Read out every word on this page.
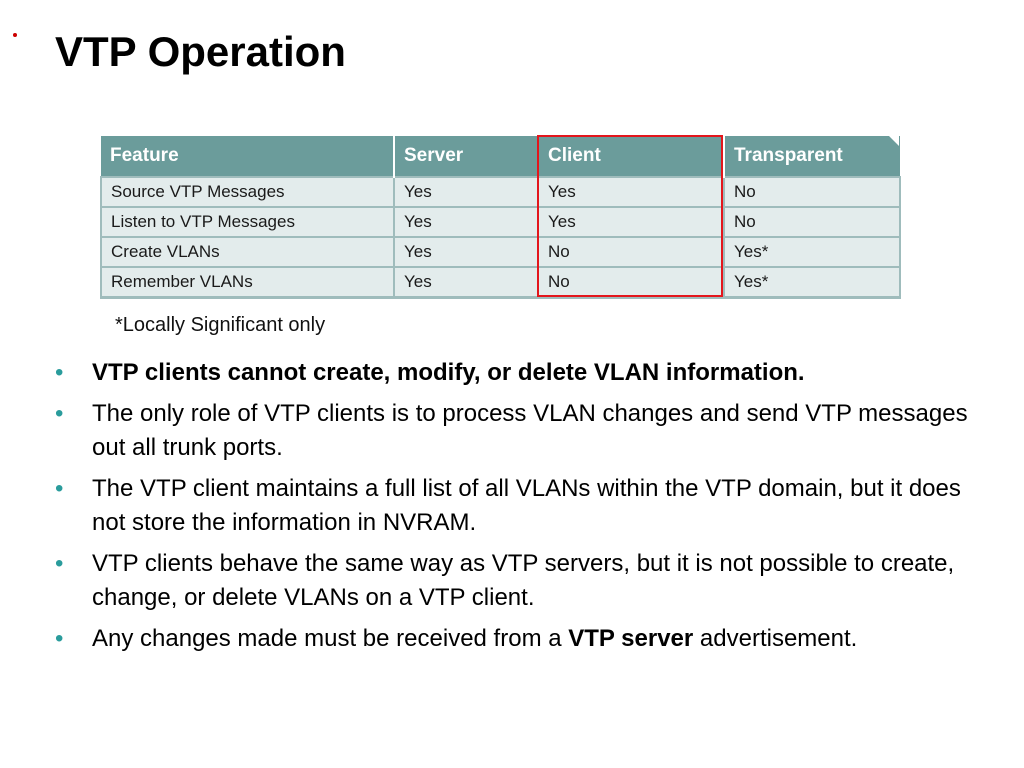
VTP Operation
Feature	Server	Client	Transparent
Source VTP Messages	Yes	Yes	No
Listen to VTP Messages	Yes	Yes	No
Create VLANs	Yes	No	Yes*
Remember VLANs	Yes	No	Yes*
*Locally Significant only
• VTP clients cannot create, modify, or delete VLAN information.
• The only role of VTP clients is to process VLAN changes and send VTP messages out all trunk ports.
• The VTP client maintains a full list of all VLANs within the VTP domain, but it does not store the information in NVRAM.
• VTP clients behave the same way as VTP servers, but it is not possible to create, change, or delete VLANs on a VTP client.
• Any changes made must be received from a VTP server advertisement.
